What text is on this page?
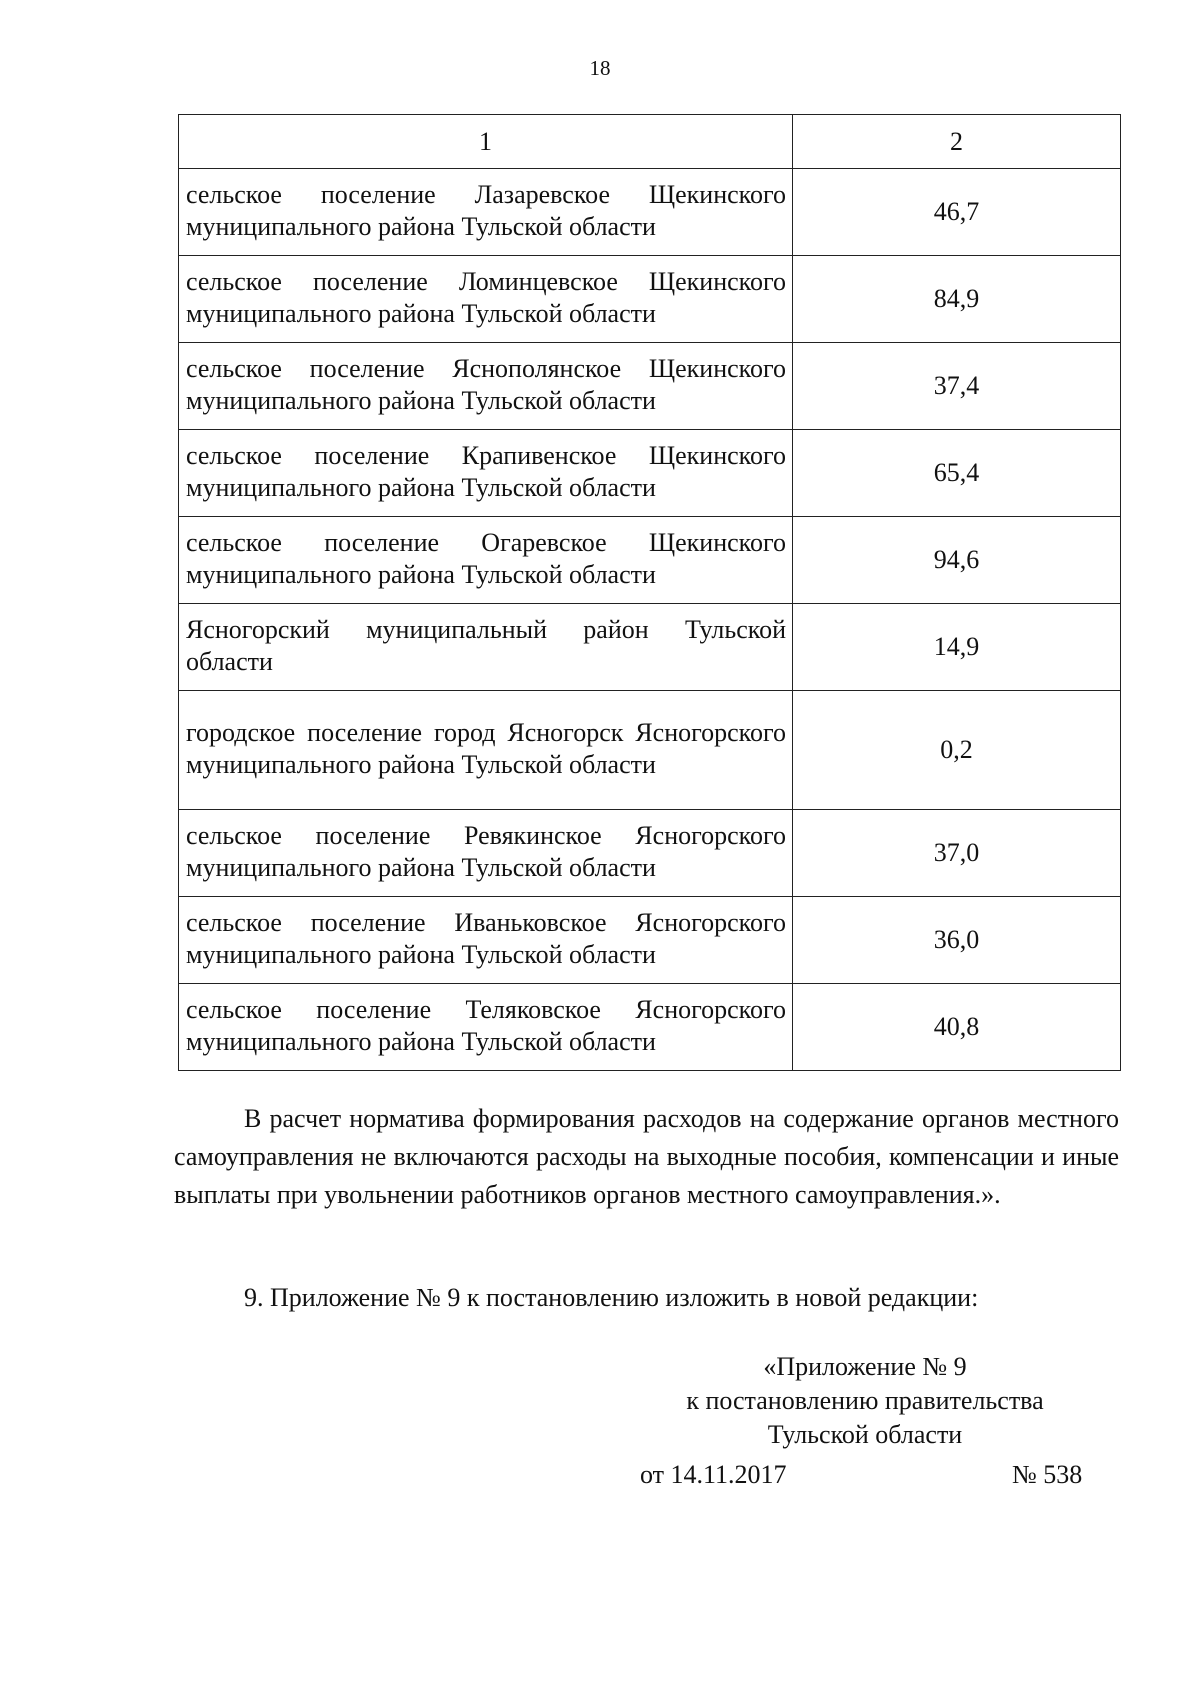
18
1	2
сельское поселение Лазаревское Щекинского муниципального района Тульской области	46,7
сельское поселение Ломинцевское Щекинского муниципального района Тульской области	84,9
сельское поселение Яснополянское Щекинского муниципального района Тульской области	37,4
сельское поселение Крапивенское Щекинского муниципального района Тульской области	65,4
сельское поселение Огаревское Щекинского муниципального района Тульской области	94,6
Ясногорский муниципальный район Тульской области	14,9
городское поселение город Ясногорск Ясногорского муниципального района Тульской области	0,2
сельское поселение Ревякинское Ясногорского муниципального района Тульской области	37,0
сельское поселение Иваньковское Ясногорского муниципального района Тульской области	36,0
сельское поселение Теляковское Ясногорского муниципального района Тульской области	40,8

В расчет норматива формирования расходов на содержание органов местного самоуправления не включаются расходы на выходные пособия, компенсации и иные выплаты при увольнении работников органов местного самоуправления.».

9. Приложение № 9 к постановлению изложить в новой редакции:

«Приложение № 9
к постановлению правительства
Тульской области
от 14.11.2017	№ 538
